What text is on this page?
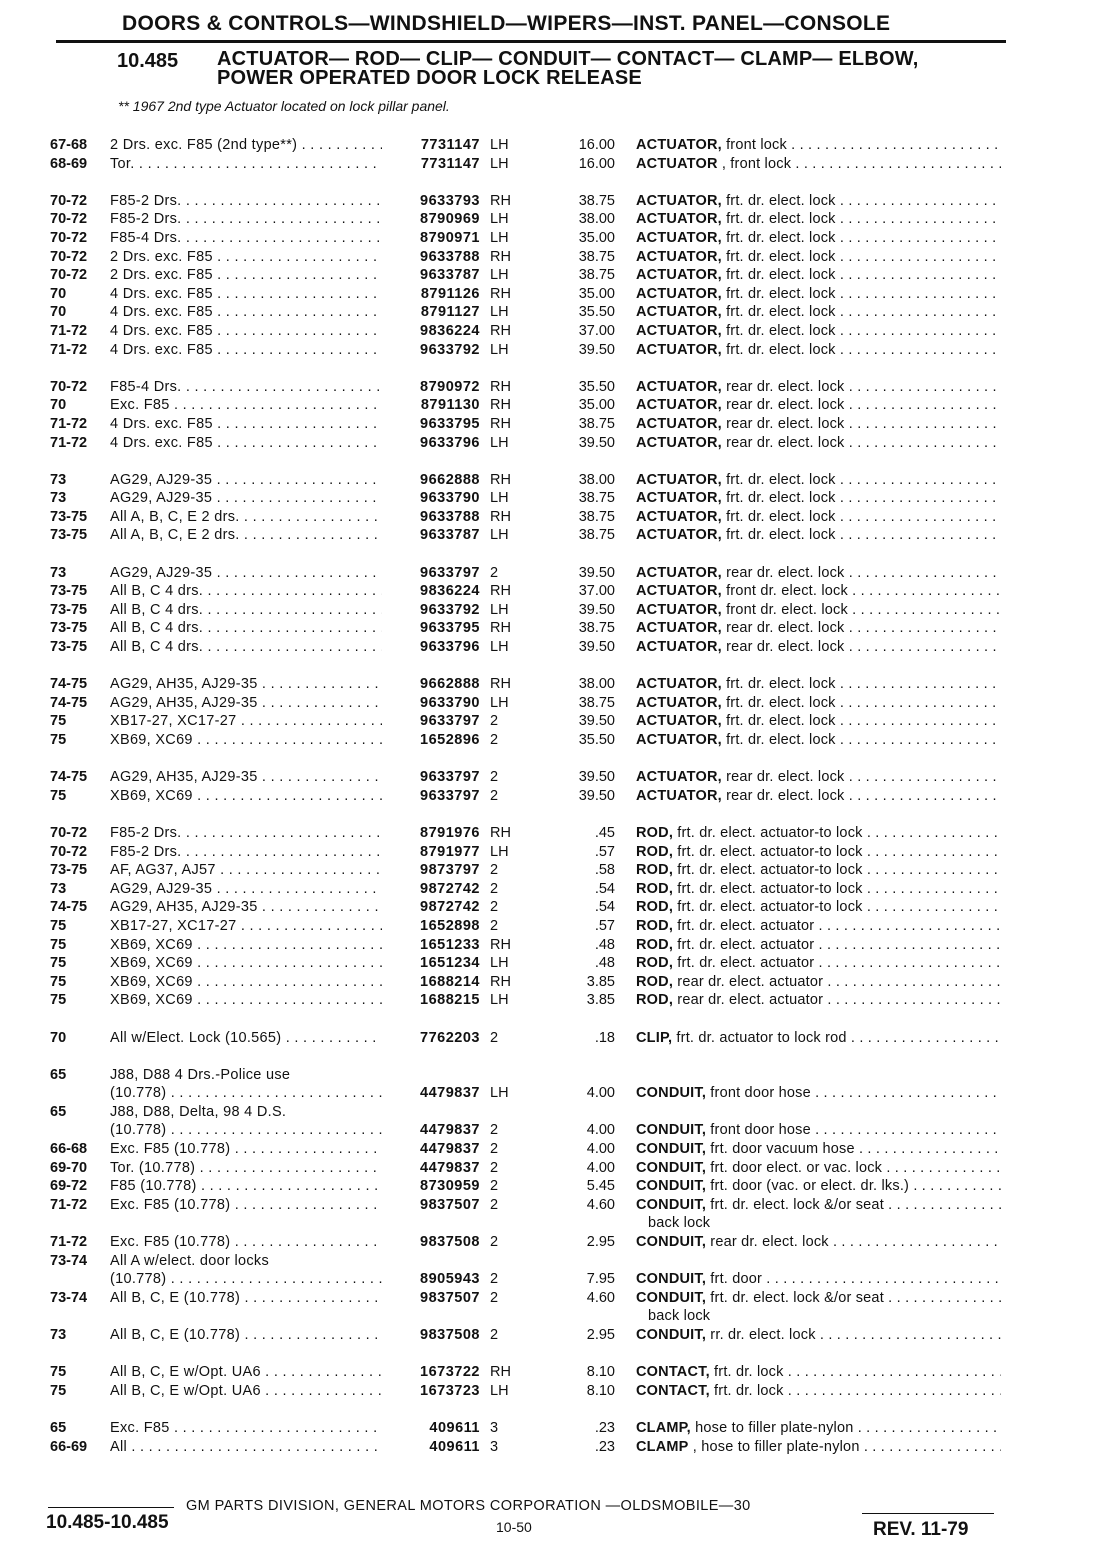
DOORS & CONTROLS—WINDSHIELD—WIPERS—INST. PANEL—CONSOLE
10.485 ACTUATOR— ROD— CLIP— CONDUIT— CONTACT— CLAMP— ELBOW,
POWER OPERATED DOOR LOCK RELEASE
** 1967 2nd type Actuator located on lock pillar panel.
67-68	2 Drs. exc. F85 (2nd type**) . . .	7731147 LH	16.00 ACTUATOR, front lock . . .
68-69	Tor. . . .	7731147 LH	16.00 ACTUATOR , front lock . . .
70-72	F85-2 Drs. . . .	9633793 RH	38.75 ACTUATOR, frt. dr. elect. lock . . .
70-72	F85-2 Drs. . . .	8790969 LH	38.00 ACTUATOR, frt. dr. elect. lock . . .
70-72	F85-4 Drs. . . .	8790971 LH	35.00 ACTUATOR, frt. dr. elect. lock . . .
70-72	2 Drs. exc. F85 . . .	9633788 RH	38.75 ACTUATOR, frt. dr. elect. lock . . .
70-72	2 Drs. exc. F85 . . .	9633787 LH	38.75 ACTUATOR, frt. dr. elect. lock . . .
70	4 Drs. exc. F85 . . .	8791126 RH	35.00 ACTUATOR, frt. dr. elect. lock . . .
70	4 Drs. exc. F85 . . .	8791127 LH	35.50 ACTUATOR, frt. dr. elect. lock . . .
71-72	4 Drs. exc. F85 . . .	9836224 RH	37.00 ACTUATOR, frt. dr. elect. lock . . .
71-72	4 Drs. exc. F85 . . .	9633792 LH	39.50 ACTUATOR, frt. dr. elect. lock . . .
70-72	F85-4 Drs. . . .	8790972 RH	35.50 ACTUATOR, rear dr. elect. lock . . .
70	Exc. F85 . . .	8791130 RH	35.00 ACTUATOR, rear dr. elect. lock . . .
71-72	4 Drs. exc. F85 . . .	9633795 RH	38.75 ACTUATOR, rear dr. elect. lock . . .
71-72	4 Drs. exc. F85 . . .	9633796 LH	39.50 ACTUATOR, rear dr. elect. lock . . .
73	AG29, AJ29-35 . . .	9662888 RH	38.00 ACTUATOR, frt. dr. elect. lock . . .
73	AG29, AJ29-35 . . .	9633790 LH	38.75 ACTUATOR, frt. dr. elect. lock . . .
73-75	All A, B, C, E 2 drs. . . .	9633788 RH	38.75 ACTUATOR, frt. dr. elect. lock . . .
73-75	All A, B, C, E 2 drs. . . .	9633787 LH	38.75 ACTUATOR, frt. dr. elect. lock . . .
73	AG29, AJ29-35 . . .	9633797 2	39.50 ACTUATOR, rear dr. elect. lock . . .
73-75	All B, C 4 drs. . . .	9836224 RH	37.00 ACTUATOR, front dr. elect. lock . . .
73-75	All B, C 4 drs. . . .	9633792 LH	39.50 ACTUATOR, front dr. elect. lock . . .
73-75	All B, C 4 drs. . . .	9633795 RH	38.75 ACTUATOR, rear dr. elect. lock . . .
73-75	All B, C 4 drs. . . .	9633796 LH	39.50 ACTUATOR, rear dr. elect. lock . . .
74-75	AG29, AH35, AJ29-35 . . .	9662888 RH	38.00 ACTUATOR, frt. dr. elect. lock . . .
74-75	AG29, AH35, AJ29-35 . . .	9633790 LH	38.75 ACTUATOR, frt. dr. elect. lock . . .
75	XB17-27, XC17-27 . . .	9633797 2	39.50 ACTUATOR, frt. dr. elect. lock . . .
75	XB69, XC69 . . .	1652896 2	35.50 ACTUATOR, frt. dr. elect. lock . . .
74-75	AG29, AH35, AJ29-35 . . .	9633797 2	39.50 ACTUATOR, rear dr. elect. lock . . .
75	XB69, XC69 . . .	9633797 2	39.50 ACTUATOR, rear dr. elect. lock . . .
70-72	F85-2 Drs. . . .	8791976 RH	.45 ROD, frt. dr. elect. actuator-to lock . . .
70-72	F85-2 Drs. . . .	8791977 LH	.57 ROD, frt. dr. elect. actuator-to lock . . .
73-75	AF, AG37, AJ57 . . .	9873797 2	.58 ROD, frt. dr. elect. actuator-to lock . . .
73	AG29, AJ29-35 . . .	9872742 2	.54 ROD, frt. dr. elect. actuator-to lock . . .
74-75	AG29, AH35, AJ29-35 . . .	9872742 2	.54 ROD, frt. dr. elect. actuator-to lock . . .
75	XB17-27, XC17-27 . . .	1652898 2	.57 ROD, frt. dr. elect. actuator . . .
75	XB69, XC69 . . .	1651233 RH	.48 ROD, frt. dr. elect. actuator . . .
75	XB69, XC69 . . .	1651234 LH	.48 ROD, frt. dr. elect. actuator . . .
75	XB69, XC69 . . .	1688214 RH	3.85 ROD, rear dr. elect. actuator . . .
75	XB69, XC69 . . .	1688215 LH	3.85 ROD, rear dr. elect. actuator . . .
70	All w/Elect. Lock (10.565) . . .	7762203 2	.18 CLIP, frt. dr. actuator to lock rod . . .
65	J88, D88 4 Drs.-Police use
(10.778) . . .	4479837 LH	4.00 CONDUIT, front door hose . . .
65	J88, D88, Delta, 98 4 D.S.
(10.778) . . .	4479837 2	4.00 CONDUIT, front door hose . . .
66-68	Exc. F85 (10.778) . . .	4479837 2	4.00 CONDUIT, frt. door vacuum hose . . .
69-70	Tor. (10.778) . . .	4479837 2	4.00 CONDUIT, frt. door elect. or vac. lock . . .
69-72	F85 (10.778) . . .	8730959 2	5.45 CONDUIT, frt. door (vac. or elect. dr. lks.) . . .
71-72	Exc. F85 (10.778) . . .	9837507 2	4.60 CONDUIT, frt. dr. elect. lock &/or seat . . .
back lock
71-72	Exc. F85 (10.778) . . .	9837508 2	2.95 CONDUIT, rear dr. elect. lock . . .
73-74	All A w/elect. door locks
(10.778) . . .	8905943 2	7.95 CONDUIT, frt. door . . .
73-74	All B, C, E (10.778) . . .	9837507 2	4.60 CONDUIT, frt. dr. elect. lock &/or seat . . .
back lock
73	All B, C, E (10.778) . . .	9837508 2	2.95 CONDUIT, rr. dr. elect. lock . . .
75	All B, C, E w/Opt. UA6 . . .	1673722 RH	8.10 CONTACT, frt. dr. lock . . .
75	All B, C, E w/Opt. UA6 . . .	1673723 LH	8.10 CONTACT, frt. dr. lock . . .
65	Exc. F85 . . .	409611 3	.23 CLAMP, hose to filler plate-nylon . . .
66-69	All . . .	409611 3	.23 CLAMP , hose to filler plate-nylon . . .
GM PARTS DIVISION, GENERAL MOTORS CORPORATION —OLDSMOBILE—30
10.485-10.485	10-50	REV. 11-79
